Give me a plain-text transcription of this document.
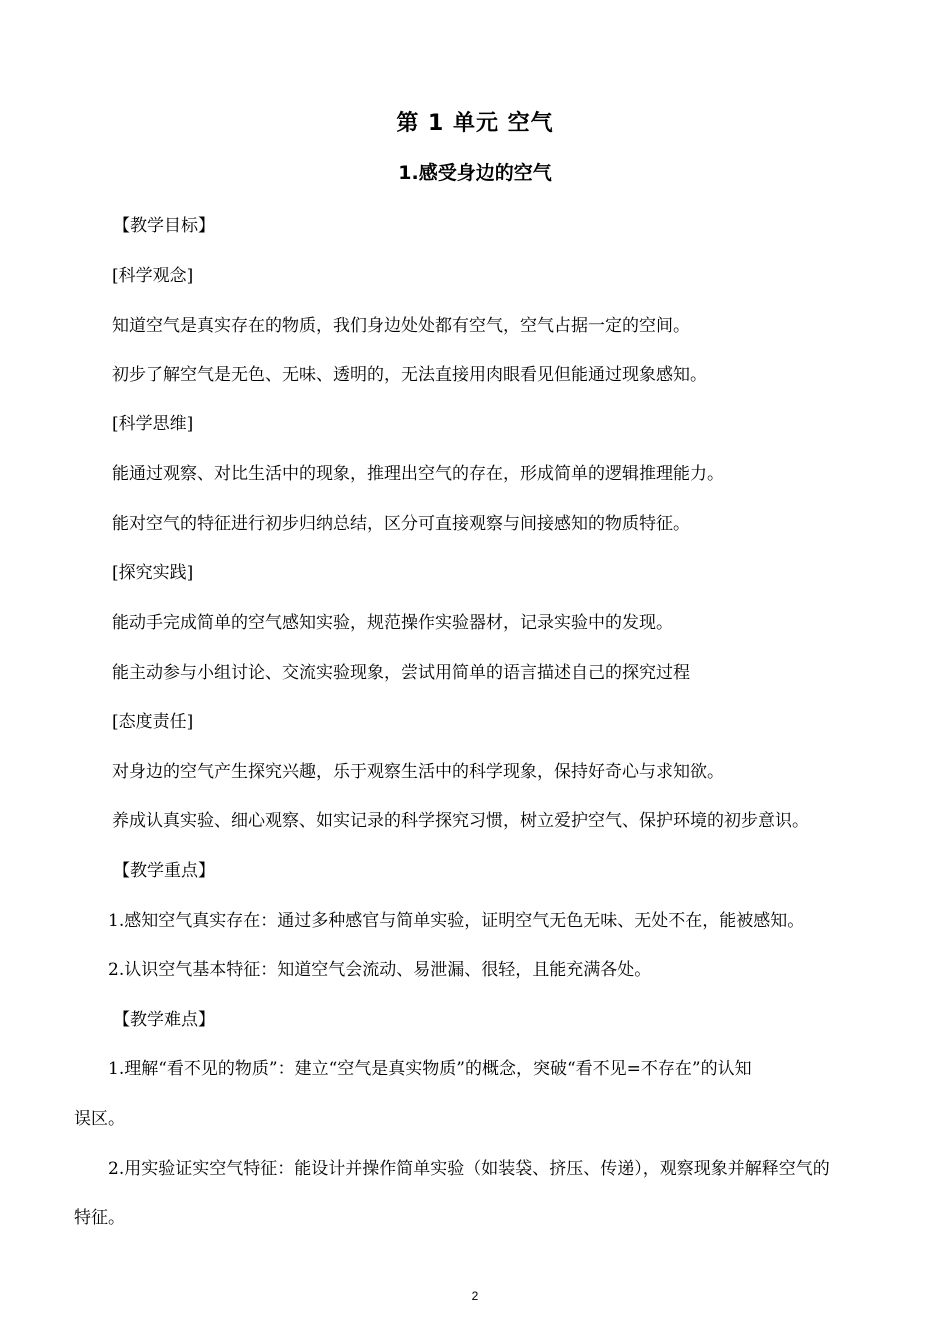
第 1 单元 空气
1.感受身边的空气
【教学目标】
[科学观念]
知道空气是真实存在的物质，我们身边处处都有空气，空气占据一定的空间。
初步了解空气是无色、无味、透明的，无法直接用肉眼看见但能通过现象感知。
[科学思维]
能通过观察、对比生活中的现象，推理出空气的存在，形成简单的逻辑推理能力。
能对空气的特征进行初步归纳总结，区分可直接观察与间接感知的物质特征。
[探究实践]
能动手完成简单的空气感知实验，规范操作实验器材，记录实验中的发现。
能主动参与小组讨论、交流实验现象，尝试用简单的语言描述自己的探究过程
[态度责任]
对身边的空气产生探究兴趣，乐于观察生活中的科学现象，保持好奇心与求知欲。
养成认真实验、细心观察、如实记录的科学探究习惯，树立爱护空气、保护环境的初步意识。
【教学重点】
1.感知空气真实存在：通过多种感官与简单实验，证明空气无色无味、无处不在，能被感知。
2.认识空气基本特征：知道空气会流动、易泄漏、很轻，且能充满各处。
【教学难点】
1.理解“看不见的物质”：建立“空气是真实物质”的概念，突破“看不见=不存在”的认知
误区。
2.用实验证实空气特征：能设计并操作简单实验（如装袋、挤压、传递），观察现象并解释空气的
特征。
2
